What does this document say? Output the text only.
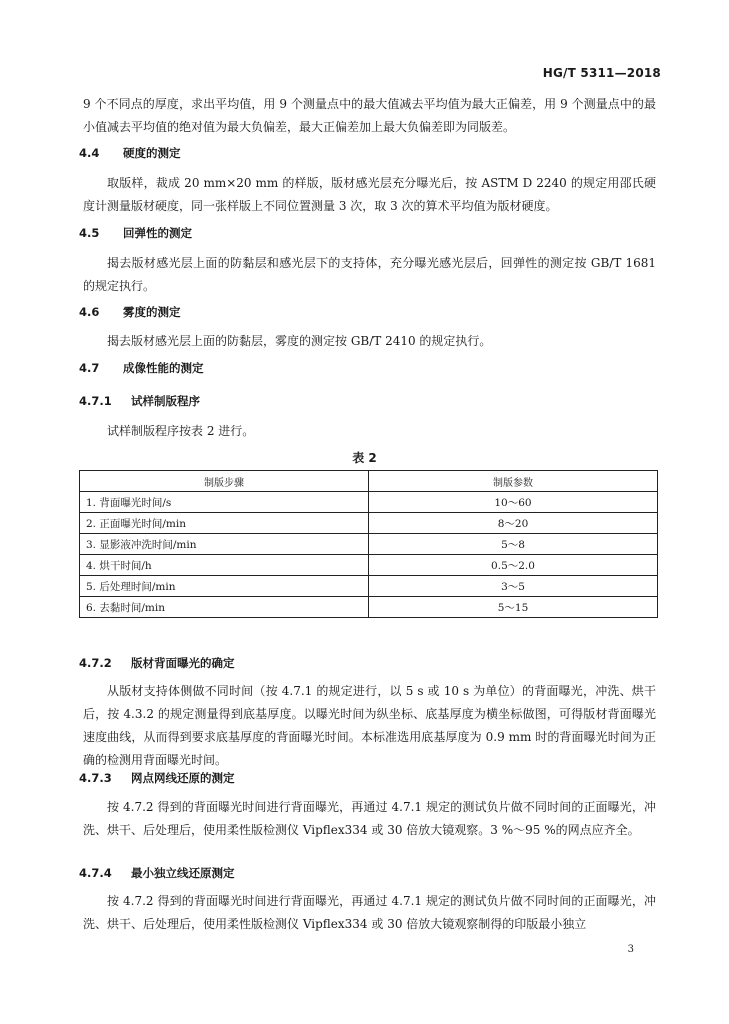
HG/T 5311—2018

9 个不同点的厚度，求出平均值，用 9 个测量点中的最大值减去平均值为最大正偏差，用 9 个测量点中的最小值减去平均值的绝对值为最大负偏差，最大正偏差加上最大负偏差即为同版差。

4.4 硬度的测定

取版样，裁成 20 mm×20 mm 的样版，版材感光层充分曝光后，按 ASTM D 2240 的规定用邵氏硬度计测量版材硬度，同一张样版上不同位置测量 3 次，取 3 次的算术平均值为版材硬度。

4.5 回弹性的测定

揭去版材感光层上面的防黏层和感光层下的支持体，充分曝光感光层后，回弹性的测定按 GB/T 1681 的规定执行。

4.6 雾度的测定

揭去版材感光层上面的防黏层，雾度的测定按 GB/T 2410 的规定执行。

4.7 成像性能的测定
4.7.1 试样制版程序

试样制版程序按表 2 进行。

表 2
制版步骤	制版参数
1. 背面曝光时间/s	10～60
2. 正面曝光时间/min	8～20
3. 显影液冲洗时间/min	5～8
4. 烘干时间/h	0.5～2.0
5. 后处理时间/min	3～5
6. 去黏时间/min	5～15
4.7.2 版材背面曝光的确定

从版材支持体侧做不同时间（按 4.7.1 的规定进行，以 5 s 或 10 s 为单位）的背面曝光，冲洗、烘干后，按 4.3.2 的规定测量得到底基厚度。以曝光时间为纵坐标、底基厚度为横坐标做图，可得版材背面曝光速度曲线，从而得到要求底基厚度的背面曝光时间。本标准选用底基厚度为 0.9 mm 时的背面曝光时间为正确的检测用背面曝光时间。

4.7.3 网点网线还原的测定

按 4.7.2 得到的背面曝光时间进行背面曝光，再通过 4.7.1 规定的测试负片做不同时间的正面曝光，冲洗、烘干、后处理后，使用柔性版检测仪 Vipflex334 或 30 倍放大镜观察。3 %～95 %的网点应齐全。

4.7.4 最小独立线还原测定

按 4.7.2 得到的背面曝光时间进行背面曝光，再通过 4.7.1 规定的测试负片做不同时间的正面曝光，冲洗、烘干、后处理后，使用柔性版检测仪 Vipflex334 或 30 倍放大镜观察制得的印版最小独立

3
